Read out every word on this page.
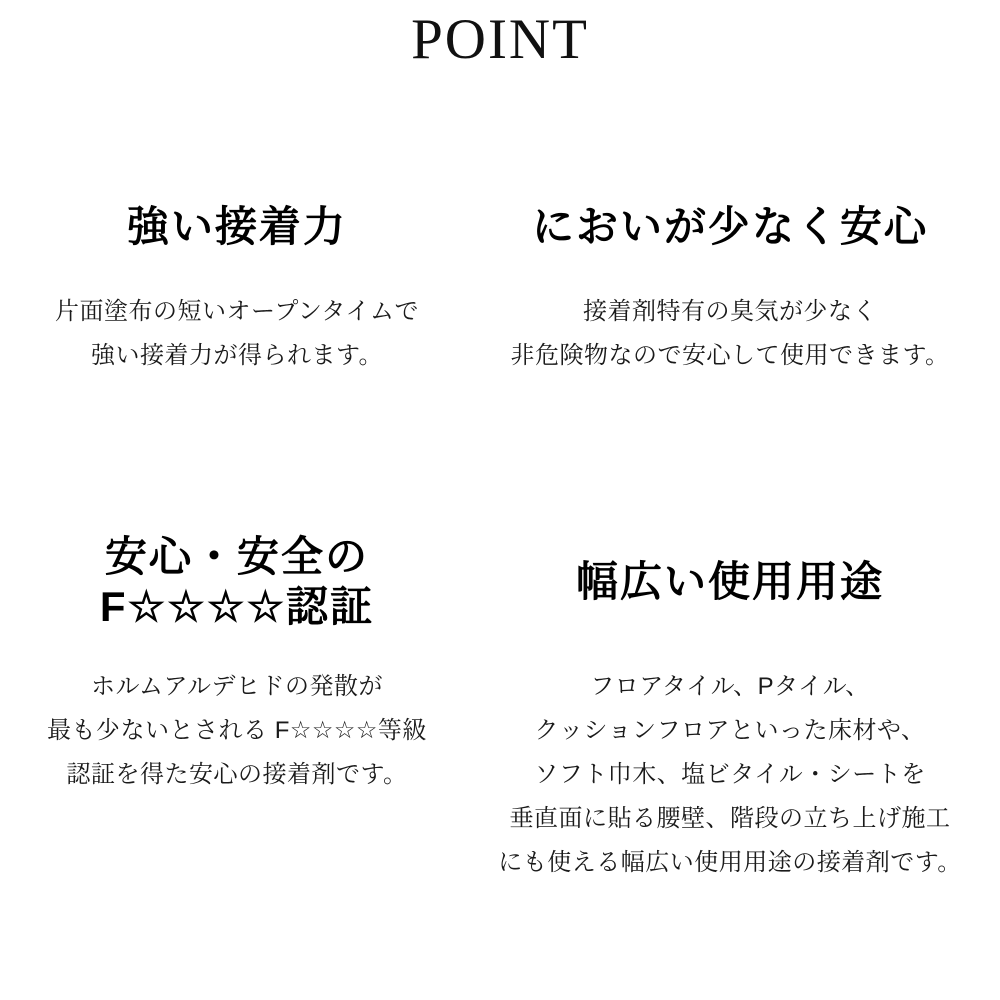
POINT
強い接着力
片面塗布の短いオープンタイムで
強い接着力が得られます。
においが少なく安心
接着剤特有の臭気が少なく
非危険物なので安心して使用できます。
安心・安全の
F☆☆☆☆認証
ホルムアルデヒドの発散が
最も少ないとされる F☆☆☆☆等級
認証を得た安心の接着剤です。
幅広い使用用途
フロアタイル、Pタイル、
クッションフロアといった床材や、
ソフト巾木、塩ビタイル・シートを
垂直面に貼る腰壁、階段の立ち上げ施工
にも使える幅広い使用用途の接着剤です。
